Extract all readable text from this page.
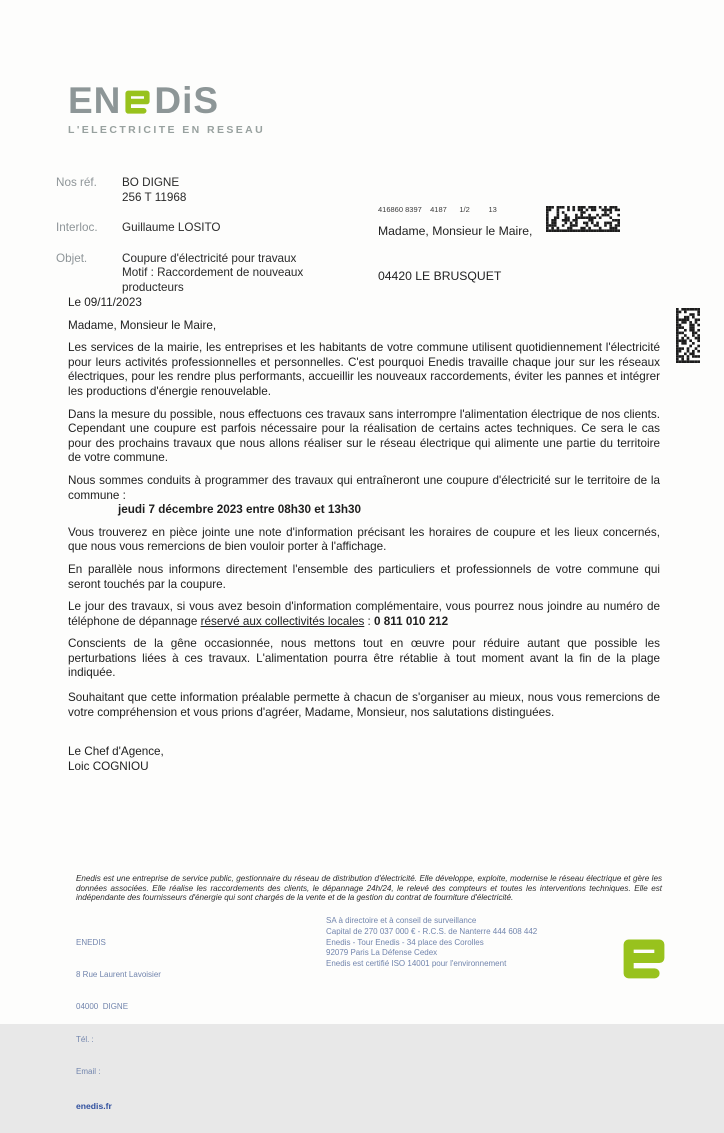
EN DiS
L'ELECTRICITE EN RESEAU
Nos réf.	BO DIGNE
256 T 11968
Interloc.	Guillaume LOSITO
Objet.	Coupure d'électricité pour travaux
Motif : Raccordement de nouveaux
producteurs
416860 8397    4187      1/2         13
Madame, Monsieur le Maire,
04420 LE BRUSQUET

Le 09/11/2023

Madame, Monsieur le Maire,

Les services de la mairie, les entreprises et les habitants de votre commune utilisent quotidiennement l'électricité pour leurs activités professionnelles et personnelles. C'est pourquoi Enedis travaille chaque jour sur les réseaux électriques, pour les rendre plus performants, accueillir les nouveaux raccordements, éviter les pannes et intégrer les productions d'énergie renouvelable.

Dans la mesure du possible, nous effectuons ces travaux sans interrompre l'alimentation électrique de nos clients. Cependant une coupure est parfois nécessaire pour la réalisation de certains actes techniques. Ce sera le cas pour des prochains travaux que nous allons réaliser sur le réseau électrique qui alimente une partie du territoire de votre commune.

Nous sommes conduits à programmer des travaux qui entraîneront une coupure d'électricité sur le territoire de la commune :

jeudi 7 décembre 2023 entre 08h30 et 13h30

Vous trouverez en pièce jointe une note d'information précisant les horaires de coupure et les lieux concernés, que nous vous remercions de bien vouloir porter à l'affichage.

En parallèle nous informons directement l'ensemble des particuliers et professionnels de votre commune qui seront touchés par la coupure.

Le jour des travaux, si vous avez besoin d'information complémentaire, vous pourrez nous joindre au numéro de téléphone de dépannage réservé aux collectivités locales : 0 811 010 212

Conscients de la gêne occasionnée, nous mettons tout en œuvre pour réduire autant que possible les perturbations liées à ces travaux. L'alimentation pourra être rétablie à tout moment avant la fin de la plage indiquée.

Souhaitant que cette information préalable permette à chacun de s'organiser au mieux, nous vous remercions de votre compréhension et vous prions d'agréer, Madame, Monsieur, nos salutations distinguées.

Le Chef d'Agence,
Loic COGNIOU
Enedis est une entreprise de service public, gestionnaire du réseau de distribution d'électricité. Elle développe, exploite, modernise le réseau électrique et gère les données associées. Elle réalise les raccordements des clients, le dépannage 24h/24, le relevé des compteurs et toutes les interventions techniques. Elle est indépendante des fournisseurs d'énergie qui sont chargés de la vente et de la gestion du contrat de fourniture d'électricité.

ENEDIS

8 Rue Laurent Lavoisier

04000  DIGNE

Tél. :

Email :

enedis.fr

SA à directoire et à conseil de surveillance
Capital de 270 037 000 € - R.C.S. de Nanterre 444 608 442
Enedis - Tour Enedis - 34 place des Corolles
92079 Paris La Défense Cedex
Enedis est certifié ISO 14001 pour l'environnement
